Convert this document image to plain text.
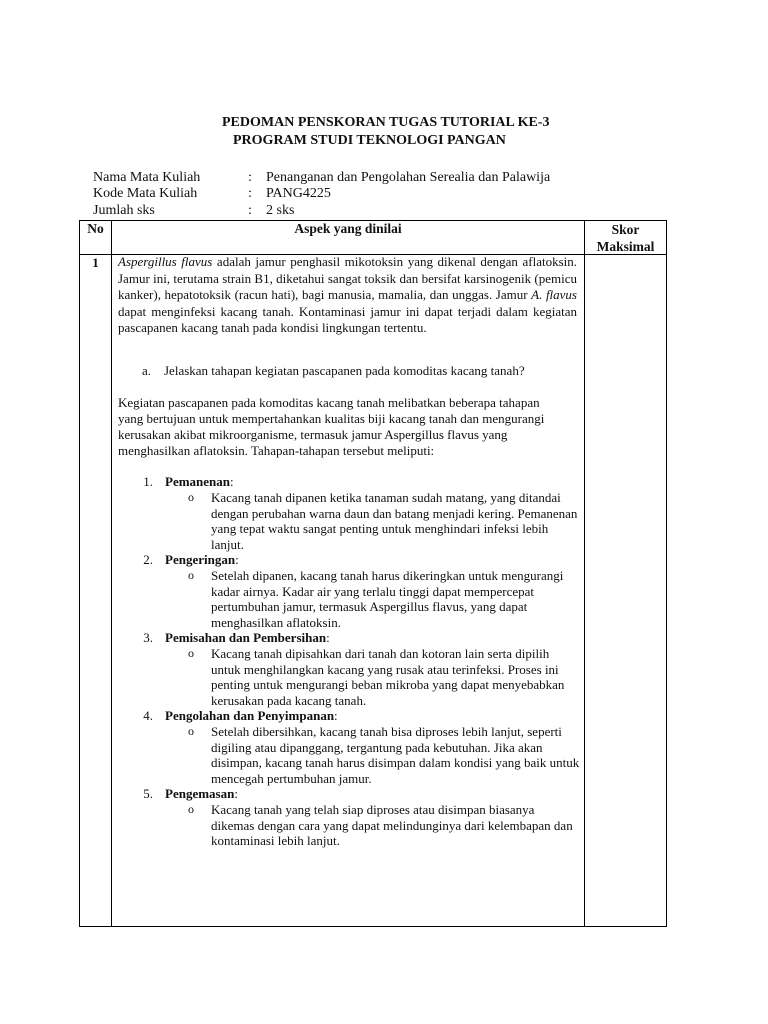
PEDOMAN PENSKORAN TUGAS TUTORIAL KE-3
PROGRAM STUDI TEKNOLOGI PANGAN
Nama Mata Kuliah	: Penanganan dan Pengolahan Serealia dan Palawija
Kode Mata Kuliah	: PANG4225
Jumlah sks	: 2 sks
No	Aspek yang dinilai	Skor Maksimal
1	Aspergillus flavus adalah jamur penghasil mikotoksin yang dikenal dengan aflatoksin. Jamur ini, terutama strain B1, diketahui sangat toksik dan bersifat karsinogenik (pemicu kanker), hepatotoksik (racun hati), bagi manusia, mamalia, dan unggas. Jamur A. flavus dapat menginfeksi kacang tanah. Kontaminasi jamur ini dapat terjadi dalam kegiatan pascapanen kacang tanah pada kondisi lingkungan tertentu.
a. Jelaskan tahapan kegiatan pascapanen pada komoditas kacang tanah?
Kegiatan pascapanen pada komoditas kacang tanah melibatkan beberapa tahapan yang bertujuan untuk mempertahankan kualitas biji kacang tanah dan mengurangi kerusakan akibat mikroorganisme, termasuk jamur Aspergillus flavus yang menghasilkan aflatoksin. Tahapan-tahapan tersebut meliputi:
1. Pemanenan:
o Kacang tanah dipanen ketika tanaman sudah matang, yang ditandai dengan perubahan warna daun dan batang menjadi kering. Pemanenan yang tepat waktu sangat penting untuk menghindari infeksi lebih lanjut.
2. Pengeringan:
o Setelah dipanen, kacang tanah harus dikeringkan untuk mengurangi kadar airnya. Kadar air yang terlalu tinggi dapat mempercepat pertumbuhan jamur, termasuk Aspergillus flavus, yang dapat menghasilkan aflatoksin.
3. Pemisahan dan Pembersihan:
o Kacang tanah dipisahkan dari tanah dan kotoran lain serta dipilih untuk menghilangkan kacang yang rusak atau terinfeksi. Proses ini penting untuk mengurangi beban mikroba yang dapat menyebabkan kerusakan pada kacang tanah.
4. Pengolahan dan Penyimpanan:
o Setelah dibersihkan, kacang tanah bisa diproses lebih lanjut, seperti digiling atau dipanggang, tergantung pada kebutuhan. Jika akan disimpan, kacang tanah harus disimpan dalam kondisi yang baik untuk mencegah pertumbuhan jamur.
5. Pengemasan:
o Kacang tanah yang telah siap diproses atau disimpan biasanya dikemas dengan cara yang dapat melindunginya dari kelembapan dan kontaminasi lebih lanjut.
